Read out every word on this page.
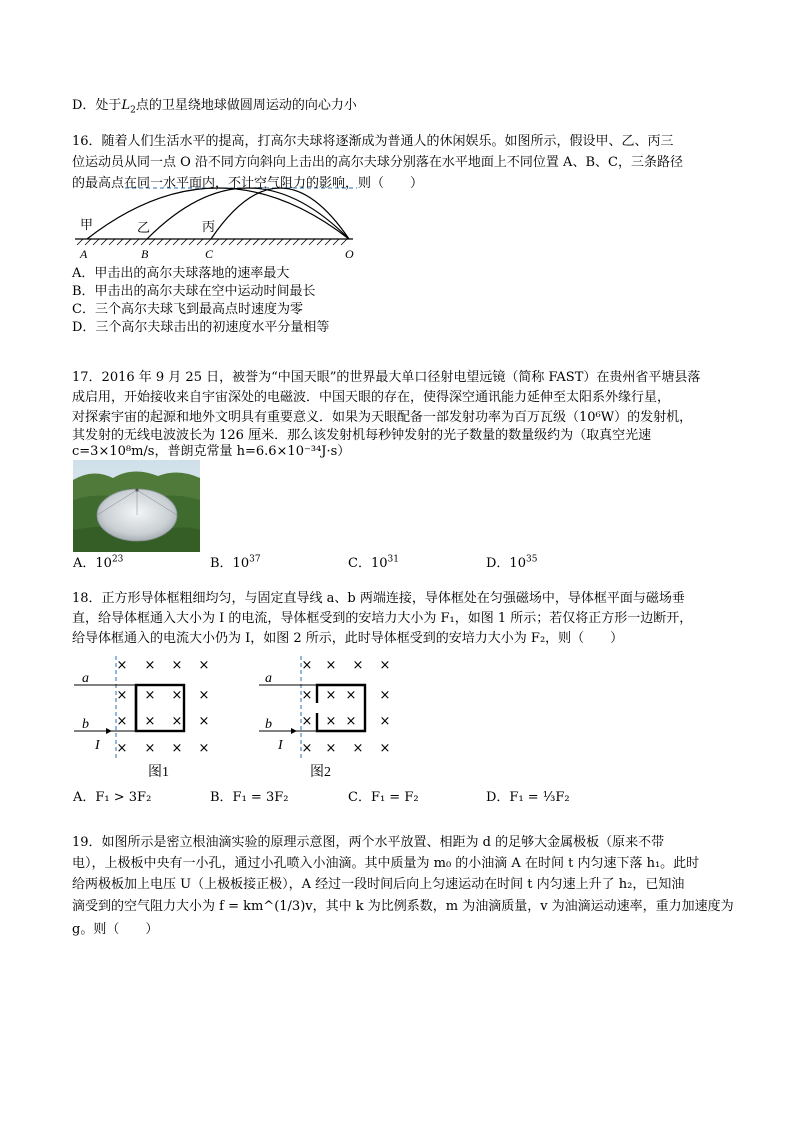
D．处于$L_2$点的卫星绕地球做圆周运动的向心力小
16．随着人们生活水平的提高，打高尔夫球将逐渐成为普通人的休闲娱乐。如图所示，假设甲、乙、丙三
位运动员从同一点 O 沿不同方向斜向上击出的高尔夫球分别落在水平地面上不同位置 A、B、C，三条路径
的最高点在同一水平面内，不计空气阻力的影响，则（　　）
甲	乙	丙
A	B	C	O
A．甲击出的高尔夫球落地的速率最大
B．甲击出的高尔夫球在空中运动时间最长
C．三个高尔夫球飞到最高点时速度为零
D．三个高尔夫球击出的初速度水平分量相等
17．2016 年 9 月 25 日，被誉为“中国天眼”的世界最大单口径射电望远镜（简称 FAST）在贵州省平塘县落
成启用，开始接收来自宇宙深处的电磁波．中国天眼的存在，使得深空通讯能力延伸至太阳系外缘行星，
对探索宇宙的起源和地外文明具有重要意义．如果为天眼配备一部发射功率为百万瓦级（10⁶W）的发射机，
其发射的无线电波波长为 126 厘米．那么该发射机每秒钟发射的光子数量的数量级约为（取真空光速
c=3×10⁸m/s，普朗克常量 h=6.6×10⁻³⁴J·s）
A．$10^{23}$	B．$10^{37}$	C．$10^{31}$	D．$10^{35}$
18．正方形导体框粗细均匀，与固定直导线 a、b 两端连接，导体框处在匀强磁场中，导体框平面与磁场垂
直，给导体框通入大小为 I 的电流，导体框受到的安培力大小为 F₁，如图 1 所示；若仅将正方形一边断开，
给导体框通入的电流大小仍为 I，如图 2 所示，此时导体框受到的安培力大小为 F₂，则（　　）
× × × ×
× × × ×
× × × ×
× × × ×
a
b
I
图1
× × × ×
× × × ×
× × × ×
× × × ×
a
b
I
图2
A．F₁ > 3F₂	B．F₁ = 3F₂	C．F₁ = F₂	D．F₁ = ⅓F₂
19．如图所示是密立根油滴实验的原理示意图，两个水平放置、相距为 d 的足够大金属极板（原来不带
电），上极板中央有一小孔，通过小孔喷入小油滴。其中质量为 m₀ 的小油滴 A 在时间 t 内匀速下落 h₁。此时
给两极板加上电压 U（上极板接正极），A 经过一段时间后向上匀速运动在时间 t 内匀速上升了 h₂，已知油
滴受到的空气阻力大小为 f = km^(1/3)v，其中 k 为比例系数，m 为油滴质量，v 为油滴运动速率，重力加速度为
g。则（　　）
